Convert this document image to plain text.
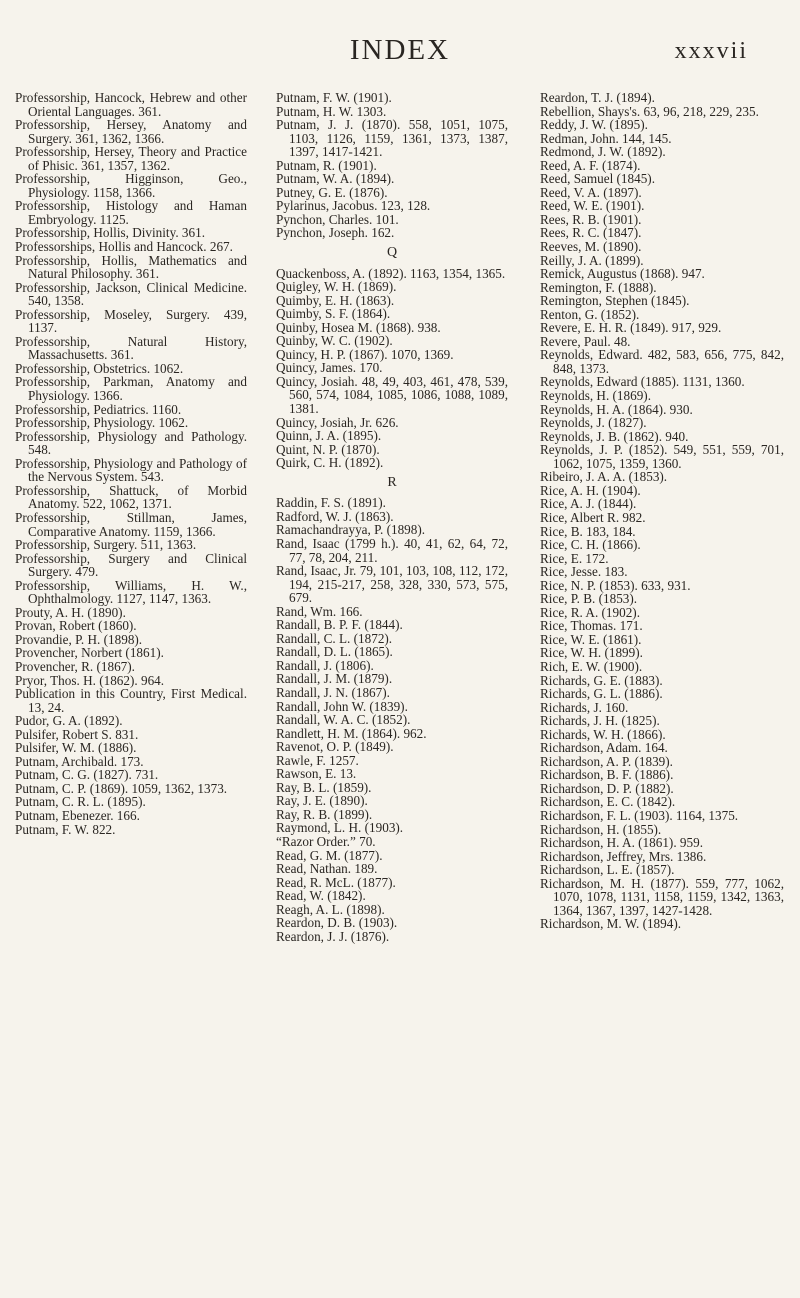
INDEX	xxxvii

Professorship, Hancock, Hebrew and other Oriental Languages. 361.

Professorship, Hersey, Anatomy and Surgery. 361, 1362, 1366.

Professorship, Hersey, Theory and Practice of Phisic. 361, 1357, 1362.

Professorship, Higginson, Geo., Physiology. 1158, 1366.

Professorship, Histology and Haman Embryology. 1125.

Professorship, Hollis, Divinity. 361.

Professorships, Hollis and Hancock. 267.

Professorship, Hollis, Mathematics and Natural Philosophy. 361.

Professorship, Jackson, Clinical Medicine. 540, 1358.

Professorship, Moseley, Surgery. 439, 1137.

Professorship, Natural History, Massachusetts. 361.

Professorship, Obstetrics. 1062.

Professorship, Parkman, Anatomy and Physiology. 1366.

Professorship, Pediatrics. 1160.

Professorship, Physiology. 1062.

Professorship, Physiology and Pathology. 548.

Professorship, Physiology and Pathology of the Nervous System. 543.

Professorship, Shattuck, of Morbid Anatomy. 522, 1062, 1371.

Professorship, Stillman, James, Comparative Anatomy. 1159, 1366.

Professorship, Surgery. 511, 1363.

Professorship, Surgery and Clinical Surgery. 479.

Professorship, Williams, H. W., Ophthalmology. 1127, 1147, 1363.

Prouty, A. H. (1890).

Provan, Robert (1860).

Provandie, P. H. (1898).

Provencher, Norbert (1861).

Provencher, R. (1867).

Pryor, Thos. H. (1862). 964.

Publication in this Country, First Medical. 13, 24.

Pudor, G. A. (1892).

Pulsifer, Robert S. 831.

Pulsifer, W. M. (1886).

Putnam, Archibald. 173.

Putnam, C. G. (1827). 731.

Putnam, C. P. (1869). 1059, 1362, 1373.

Putnam, C. R. L. (1895).

Putnam, Ebenezer. 166.

Putnam, F. W. 822.

Putnam, F. W. (1901).

Putnam, H. W. 1303.

Putnam, J. J. (1870). 558, 1051, 1075, 1103, 1126, 1159, 1361, 1373, 1387, 1397, 1417-1421.

Putnam, R. (1901).

Putnam, W. A. (1894).

Putney, G. E. (1876).

Pylarinus, Jacobus. 123, 128.

Pynchon, Charles. 101.

Pynchon, Joseph. 162.

Q

Quackenboss, A. (1892). 1163, 1354, 1365.

Quigley, W. H. (1869).

Quimby, E. H. (1863).

Quimby, S. F. (1864).

Quinby, Hosea M. (1868). 938.

Quinby, W. C. (1902).

Quincy, H. P. (1867). 1070, 1369.

Quincy, James. 170.

Quincy, Josiah. 48, 49, 403, 461, 478, 539, 560, 574, 1084, 1085, 1086, 1088, 1089, 1381.

Quincy, Josiah, Jr. 626.

Quinn, J. A. (1895).

Quint, N. P. (1870).

Quirk, C. H. (1892).

R

Raddin, F. S. (1891).

Radford, W. J. (1863).

Ramachandrayya, P. (1898).

Rand, Isaac (1799 h.). 40, 41, 62, 64, 72, 77, 78, 204, 211.

Rand, Isaac, Jr. 79, 101, 103, 108, 112, 172, 194, 215-217, 258, 328, 330, 573, 575, 679.

Rand, Wm. 166.

Randall, B. P. F. (1844).

Randall, C. L. (1872).

Randall, D. L. (1865).

Randall, J. (1806).

Randall, J. M. (1879).

Randall, J. N. (1867).

Randall, John W. (1839).

Randall, W. A. C. (1852).

Randlett, H. M. (1864). 962.

Ravenot, O. P. (1849).

Rawle, F. 1257.

Rawson, E. 13.

Ray, B. L. (1859).

Ray, J. E. (1890).

Ray, R. B. (1899).

Raymond, L. H. (1903).

“Razor Order.” 70.

Read, G. M. (1877).

Read, Nathan. 189.

Read, R. McL. (1877).

Read, W. (1842).

Reagh, A. L. (1898).

Reardon, D. B. (1903).

Reardon, J. J. (1876).

Reardon, T. J. (1894).

Rebellion, Shays's. 63, 96, 218, 229, 235.

Reddy, J. W. (1895).

Redman, John. 144, 145.

Redmond, J. W. (1892).

Reed, A. F. (1874).

Reed, Samuel (1845).

Reed, V. A. (1897).

Reed, W. E. (1901).

Rees, R. B. (1901).

Rees, R. C. (1847).

Reeves, M. (1890).

Reilly, J. A. (1899).

Remick, Augustus (1868). 947.

Remington, F. (1888).

Remington, Stephen (1845).

Renton, G. (1852).

Revere, E. H. R. (1849). 917, 929.

Revere, Paul. 48.

Reynolds, Edward. 482, 583, 656, 775, 842, 848, 1373.

Reynolds, Edward (1885). 1131, 1360.

Reynolds, H. (1869).

Reynolds, H. A. (1864). 930.

Reynolds, J. (1827).

Reynolds, J. B. (1862). 940.

Reynolds, J. P. (1852). 549, 551, 559, 701, 1062, 1075, 1359, 1360.

Ribeiro, J. A. A. (1853).

Rice, A. H. (1904).

Rice, A. J. (1844).

Rice, Albert R. 982.

Rice, B. 183, 184.

Rice, C. H. (1866).

Rice, E. 172.

Rice, Jesse. 183.

Rice, N. P. (1853). 633, 931.

Rice, P. B. (1853).

Rice, R. A. (1902).

Rice, Thomas. 171.

Rice, W. E. (1861).

Rice, W. H. (1899).

Rich, E. W. (1900).

Richards, G. E. (1883).

Richards, G. L. (1886).

Richards, J. 160.

Richards, J. H. (1825).

Richards, W. H. (1866).

Richardson, Adam. 164.

Richardson, A. P. (1839).

Richardson, B. F. (1886).

Richardson, D. P. (1882).

Richardson, E. C. (1842).

Richardson, F. L. (1903). 1164, 1375.

Richardson, H. (1855).

Richardson, H. A. (1861). 959.

Richardson, Jeffrey, Mrs. 1386.

Richardson, L. E. (1857).

Richardson, M. H. (1877). 559, 777, 1062, 1070, 1078, 1131, 1158, 1159, 1342, 1363, 1364, 1367, 1397, 1427-1428.

Richardson, M. W. (1894).
